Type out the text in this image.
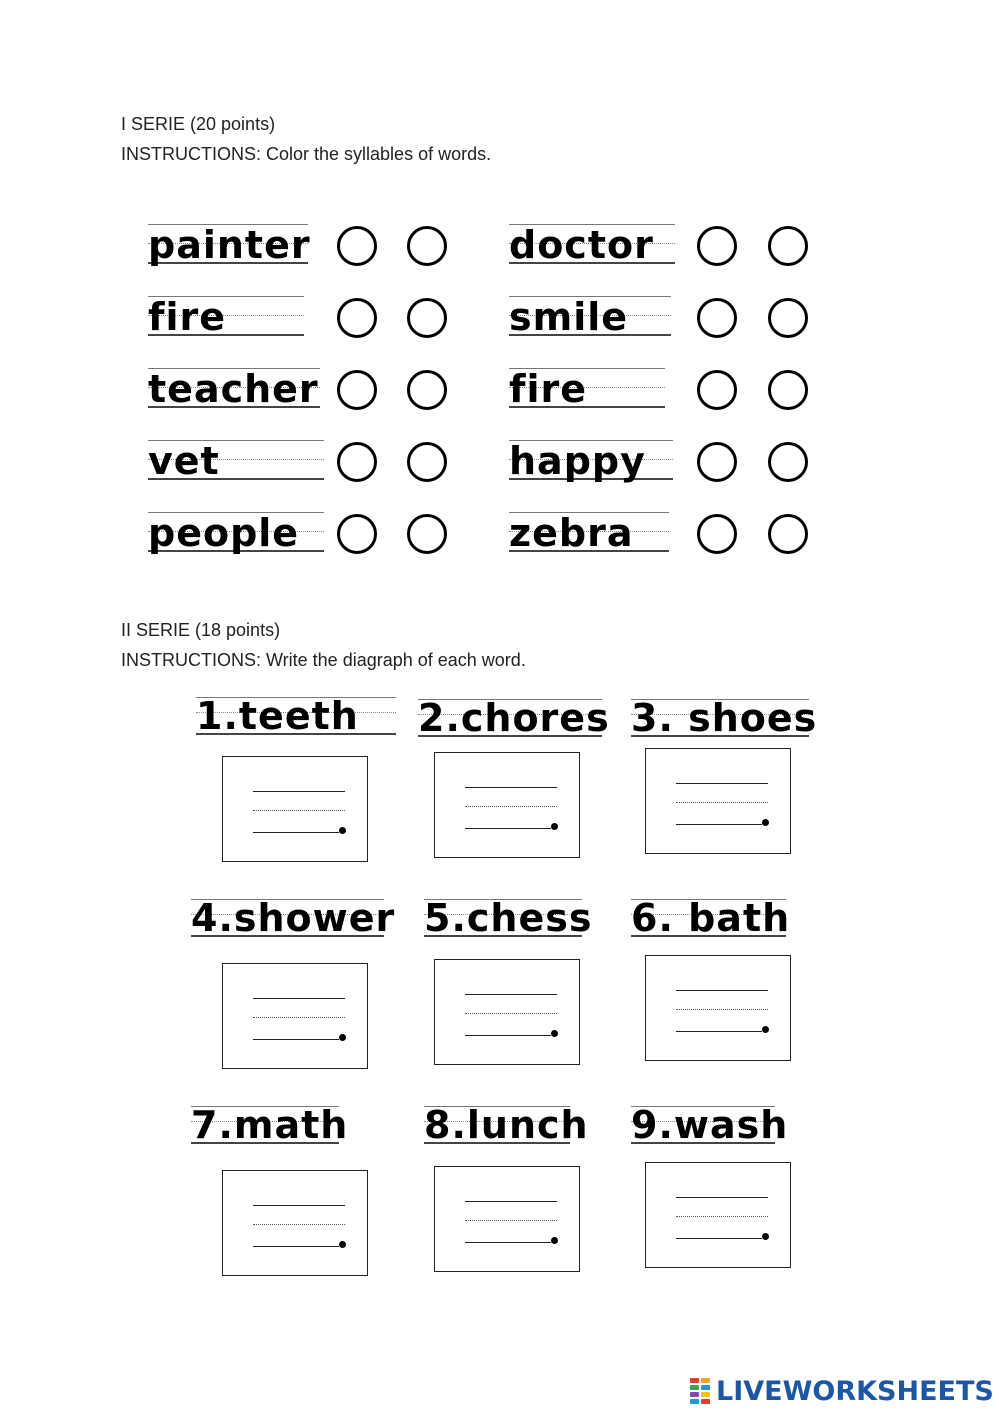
I SERIE (20 points)
INSTRUCTIONS: Color the syllables of words.
painter
fire
teacher
vet
people
doctor
smile
fire
happy
zebra
II SERIE (18 points)
INSTRUCTIONS: Write the diagraph of each word.
1.teeth 2.chores 3. shoes
4.shower 5.chess 6. bath
7.math 8.lunch 9.wash
LIVEWORKSHEETS
